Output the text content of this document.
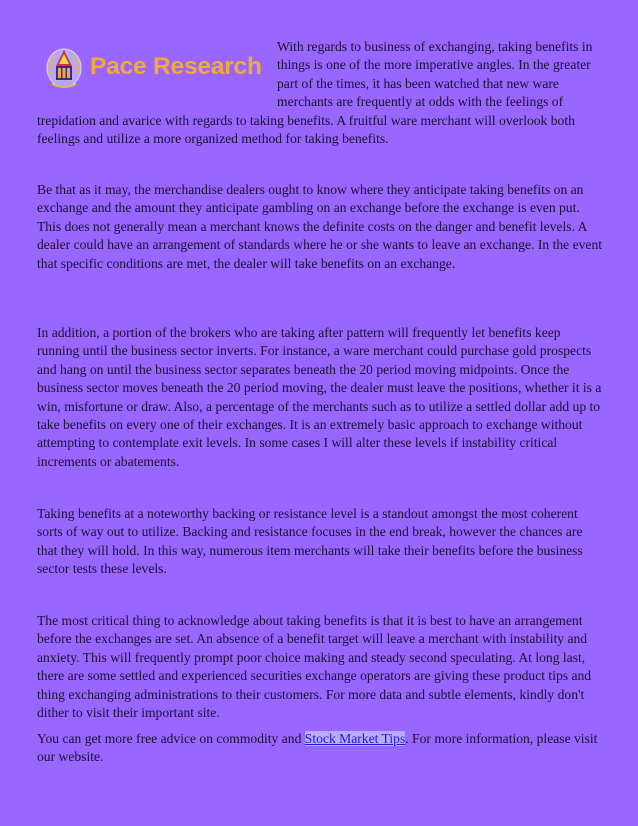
Pace Research

With regards to business of exchanging, taking benefits in things is one of the more imperative angles. In the greater part of the times, it has been watched that new ware merchants are frequently at odds with the feelings of trepidation and avarice with regards to taking benefits. A fruitful ware merchant will overlook both feelings and utilize a more organized method for taking benefits.

Be that as it may, the merchandise dealers ought to know where they anticipate taking benefits on an exchange and the amount they anticipate gambling on an exchange before the exchange is even put. This does not generally mean a merchant knows the definite costs on the danger and benefit levels. A dealer could have an arrangement of standards where he or she wants to leave an exchange. In the event that specific conditions are met, the dealer will take benefits on an exchange.

In addition, a portion of the brokers who are taking after pattern will frequently let benefits keep running until the business sector inverts. For instance, a ware merchant could purchase gold prospects and hang on until the business sector separates beneath the 20 period moving midpoints. Once the business sector moves beneath the 20 period moving, the dealer must leave the positions, whether it is a win, misfortune or draw. Also, a percentage of the merchants such as to utilize a settled dollar add up to take benefits on every one of their exchanges. It is an extremely basic approach to exchange without attempting to contemplate exit levels. In some cases I will alter these levels if instability critical increments or abatements.

Taking benefits at a noteworthy backing or resistance level is a standout amongst the most coherent sorts of way out to utilize. Backing and resistance focuses in the end break, however the chances are that they will hold. In this way, numerous item merchants will take their benefits before the business sector tests these levels.

The most critical thing to acknowledge about taking benefits is that it is best to have an arrangement before the exchanges are set. An absence of a benefit target will leave a merchant with instability and anxiety. This will frequently prompt poor choice making and steady second speculating. At long last, there are some settled and experienced securities exchange operators are giving these product tips and thing exchanging administrations to their customers. For more data and subtle elements, kindly don't dither to visit their important site.

You can get more free advice on commodity and Stock Market Tips. For more information, please visit our website.
